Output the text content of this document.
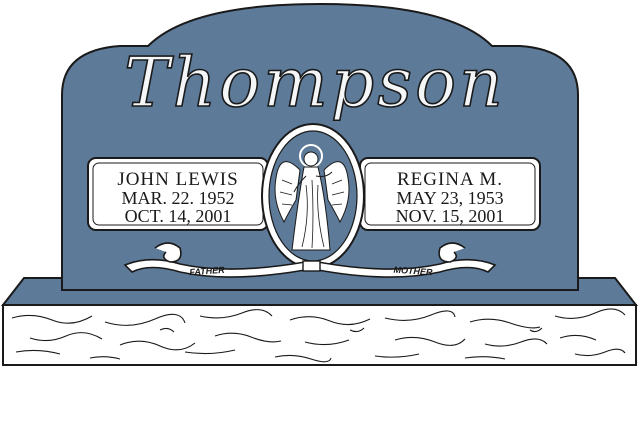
Thompson
JOHN LEWIS
MAR. 22. 1952
OCT. 14, 2001
REGINA M.
MAY 23, 1953
NOV. 15, 2001
FATHER	MOTHER
